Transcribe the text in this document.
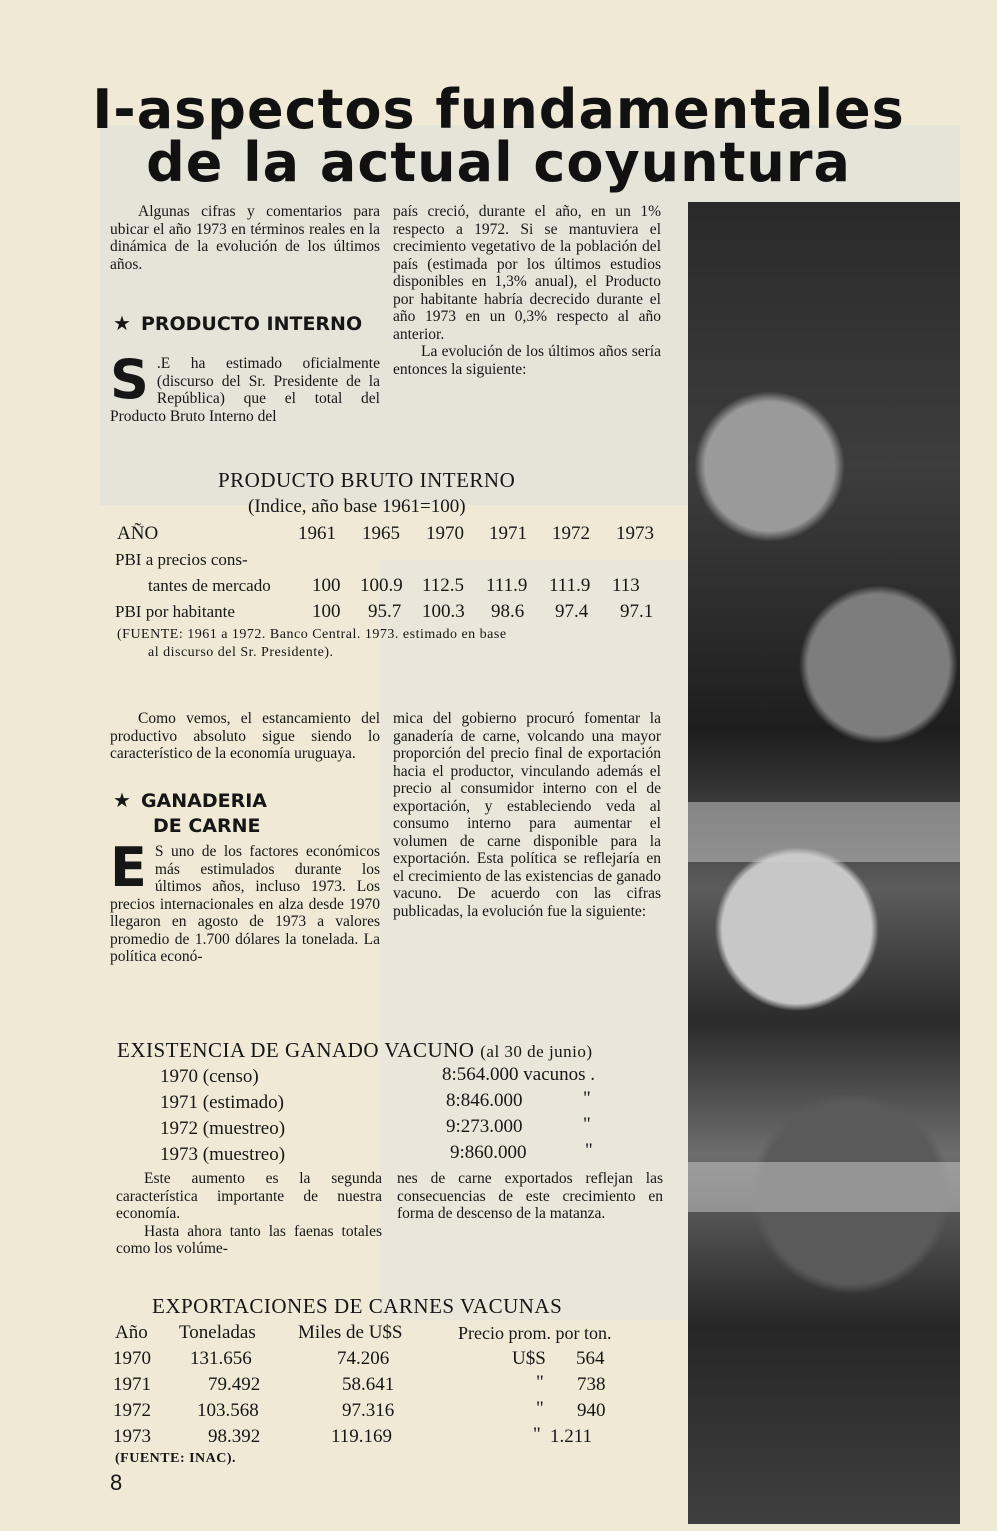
I-aspectos fundamentales
de la actual coyuntura

Algunas cifras y comentarios para ubicar el año 1973 en términos reales en la dinámica de la evolución de los últimos años.

★ PRODUCTO INTERNO
S .E ha estimado oficialmente (discurso del Sr. Presidente de la República) que el total del Producto Bruto Interno del

país creció, durante el año, en un 1% respecto a 1972. Si se mantuviera el crecimiento vegetativo de la población del país (estimada por los últimos estudios disponibles en 1,3% anual), el Producto por habitante habría decrecido durante el año 1973 en un 0,3% respecto al año anterior.

La evolución de los últimos años sería entonces la siguiente:

PRODUCTO BRUTO INTERNO
(Indice, año base 1961=100)
AÑO	1961 1965 1970 1971 1972 1973
PBI a precios cons-
tantes de mercado 100 100.9 112.5 111.9 111.9 113
PBI por habitante	100 95.7 100.3 98.6 97.4 97.1
(FUENTE: 1961 a 1972. Banco Central. 1973. estimado en base
al discurso del Sr. Presidente).

Como vemos, el estancamiento del productivo absoluto sigue siendo lo característico de la economía uruguaya.

★ GANADERIA
DE CARNE
E S uno de los factores económicos más estimulados durante los últimos años, incluso 1973. Los precios internacionales en alza desde 1970 llegaron en agosto de 1973 a valores promedio de 1.700 dólares la tonelada. La política econó-

mica del gobierno procuró fomentar la ganadería de carne, volcando una mayor proporción del precio final de exportación hacia el productor, vinculando además el precio al consumidor interno con el de exportación, y estableciendo veda al consumo interno para aumentar el volumen de carne disponible para la exportación. Esta política se reflejaría en el crecimiento de las existencias de ganado vacuno. De acuerdo con las cifras publicadas, la evolución fue la siguiente:

EXISTENCIA DE GANADO VACUNO (al 30 de junio)
1970 (censo)	8:564.000 vacunos .
1971 (estimado)	8:846.000	"
1972 (muestreo)	9:273.000	"
1973 (muestreo)	9:860.000	"

Este aumento es la segunda característica importante de nuestra economía.

Hasta ahora tanto las faenas totales como los volúme-

nes de carne exportados reflejan las consecuencias de este crecimiento en forma de descenso de la matanza.

EXPORTACIONES DE CARNES VACUNAS
Año Toneladas Miles de U$S	Precio prom. por ton.
1970 131.656	74.206	U$S 564
1971	79.492	58.641	" 738
1972 103.568	97.316	" 940
1973	98.392	119.169	" 1.211
(FUENTE: INAC).
8
